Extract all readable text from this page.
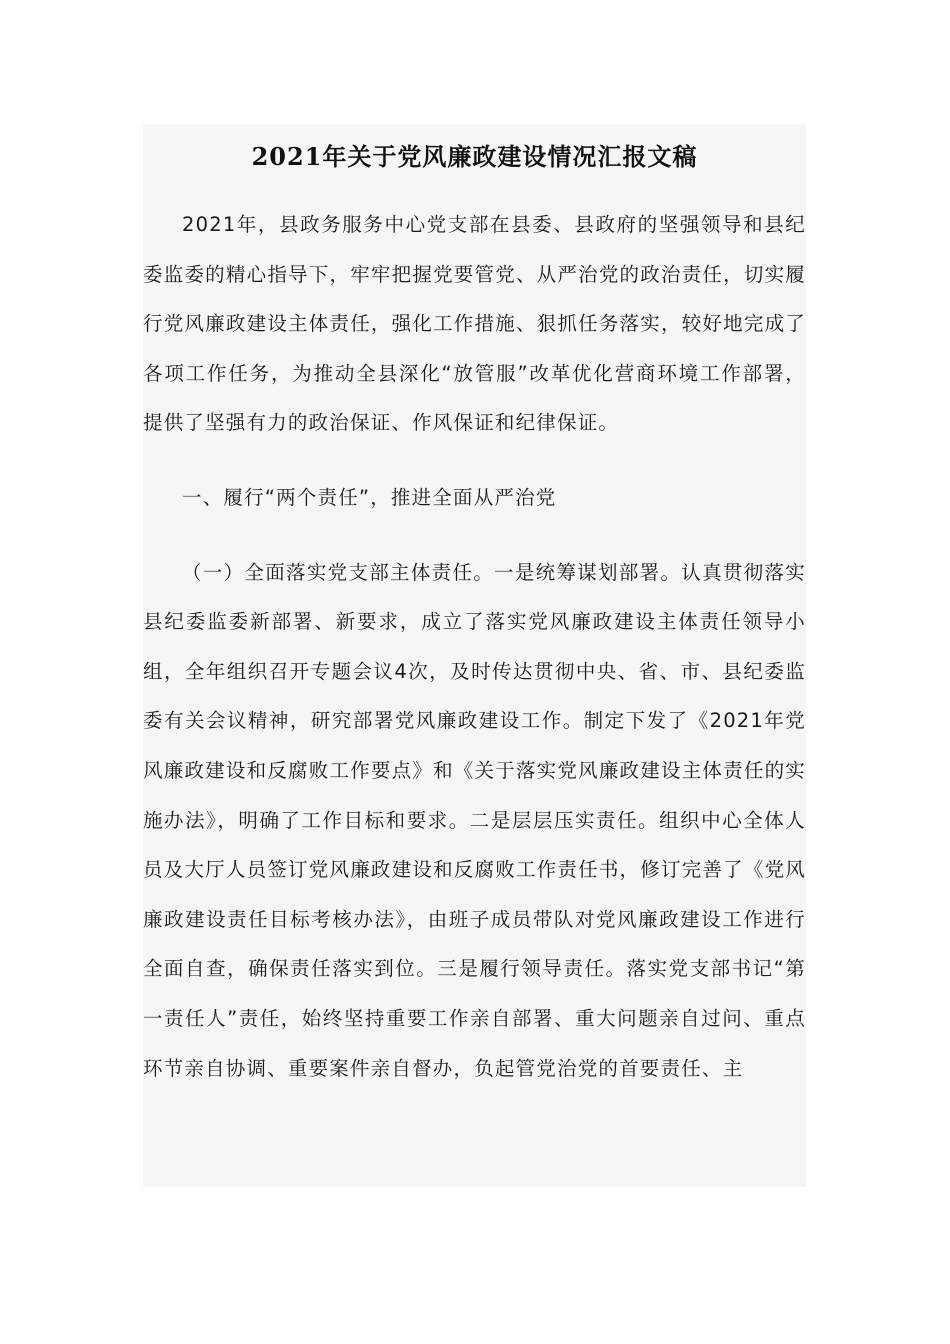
2021年关于党风廉政建设情况汇报文稿

2021年，县政务服务中心党支部在县委、县政府的坚强领导和县纪委监委的精心指导下，牢牢把握党要管党、从严治党的政治责任，切实履行党风廉政建设主体责任，强化工作措施、狠抓任务落实，较好地完成了各项工作任务，为推动全县深化“放管服”改革优化营商环境工作部署，提供了坚强有力的政治保证、作风保证和纪律保证。

一、履行“两个责任”，推进全面从严治党

（一）全面落实党支部主体责任。一是统筹谋划部署。认真贯彻落实县纪委监委新部署、新要求，成立了落实党风廉政建设主体责任领导小组，全年组织召开专题会议4次，及时传达贯彻中央、省、市、县纪委监委有关会议精神，研究部署党风廉政建设工作。制定下发了《2021年党风廉政建设和反腐败工作要点》和《关于落实党风廉政建设主体责任的实施办法》，明确了工作目标和要求。二是层层压实责任。组织中心全体人员及大厅人员签订党风廉政建设和反腐败工作责任书，修订完善了《党风廉政建设责任目标考核办法》，由班子成员带队对党风廉政建设工作进行全面自查，确保责任落实到位。三是履行领导责任。落实党支部书记“第一责任人”责任，始终坚持重要工作亲自部署、重大问题亲自过问、重点环节亲自协调、重要案件亲自督办，负起管党治党的首要责任、主
